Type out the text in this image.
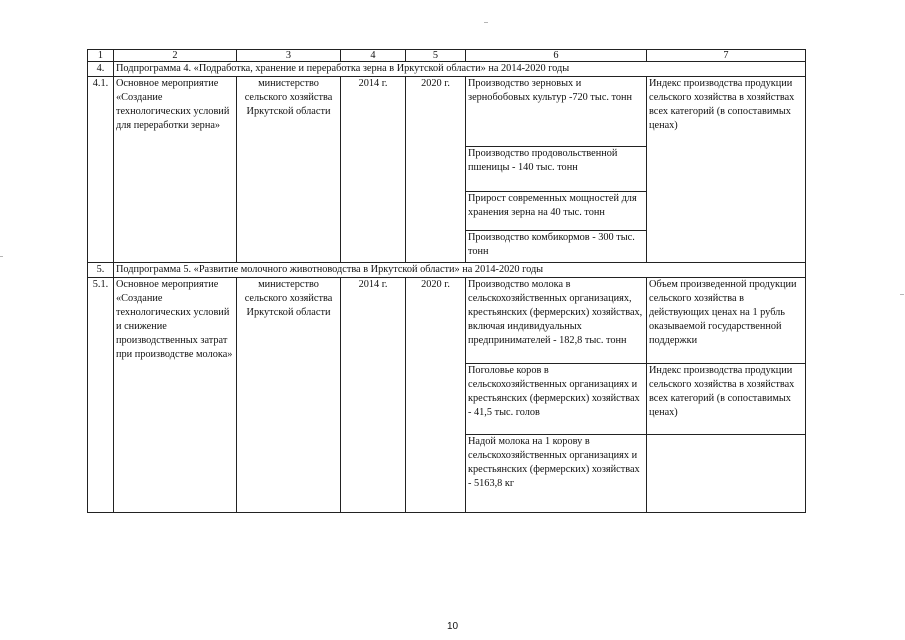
1	2	3	4	5	6	7
4.	Подпрограмма 4. «Подработка, хранение и переработка зерна в Иркутской области» на 2014-2020 годы					
4.1.	Основное мероприятие «Создание технологических условий для переработки зерна»	министерство сельского хозяйства Иркутской области	2014 г.	2020 г.	Производство зерновых и зернобобовых культур -720 тыс. тонн	Индекс производства продукции сельского хозяйства в хозяйствах всех категорий (в сопоставимых ценах)
					Производство продовольственной пшеницы - 140 тыс. тонн	
					Прирост современных мощностей для хранения зерна на 40 тыс. тонн	
					Производство комбикормов - 300 тыс. тонн	
5.	Подпрограмма 5. «Развитие молочного животноводства в Иркутской области» на 2014-2020 годы					
5.1.	Основное мероприятие «Создание технологических условий и снижение производственных затрат при производстве молока»	министерство сельского хозяйства Иркутской области	2014 г.	2020 г.	Производство молока в сельскохозяйственных организациях, крестьянских (фермерских) хозяйствах, включая индивидуальных предпринимателей - 182,8 тыс. тонн	Объем произведенной продукции сельского хозяйства в действующих ценах на 1 рубль оказываемой государственной поддержки
					Поголовье коров в сельскохозяйственных организациях и крестьянских (фермерских) хозяйствах - 41,5 тыс. голов	Индекс производства продукции сельского хозяйства в хозяйствах всех категорий (в сопоставимых ценах)
					Надой молока на 1 корову в сельскохозяйственных организациях и крестьянских (фермерских) хозяйствах - 5163,8 кг	
10
